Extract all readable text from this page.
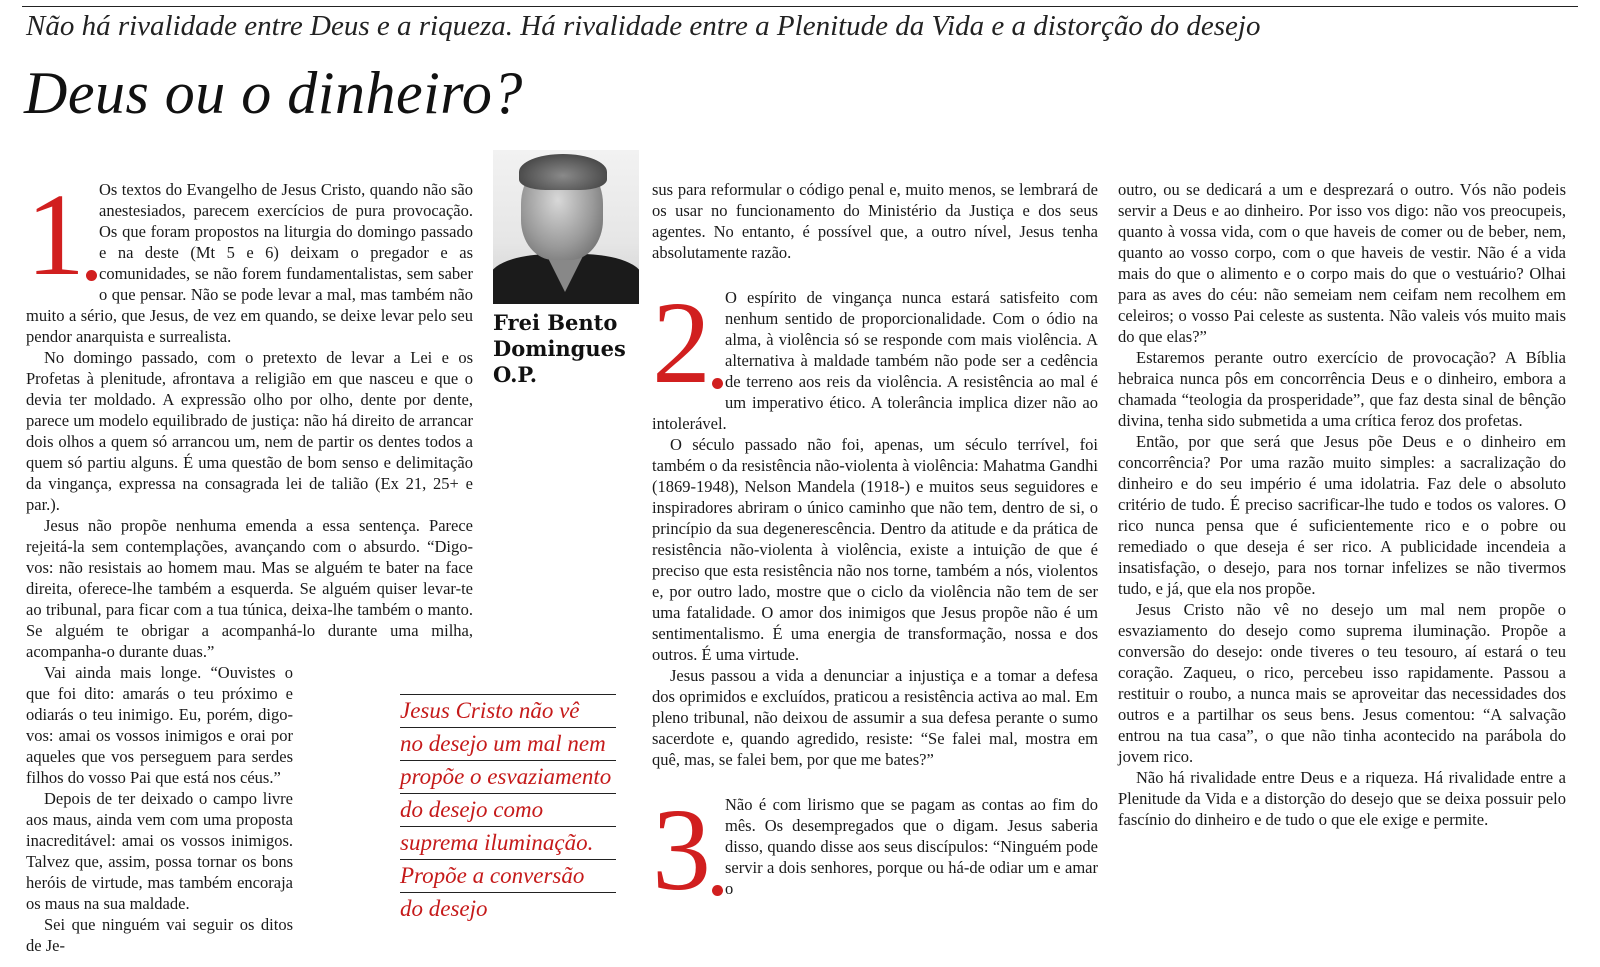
Não há rivalidade entre Deus e a riqueza. Há rivalidade entre a Plenitude da Vida e a distorção do desejo
Deus ou o dinheiro?
1 Os textos do Evangelho de Jesus Cristo, quando não são anestesiados, parecem exercícios de pura provocação. Os que foram propostos na liturgia do domingo passado e na deste (Mt 5 e 6) deixam o pregador e as comunidades, se não forem fundamentalistas, sem saber o que pensar. Não se pode levar a mal, mas também não muito a sério, que Jesus, de vez em quando, se deixe levar pelo seu pendor anarquista e surrealista.

No domingo passado, com o pretexto de levar a Lei e os Profetas à plenitude, afrontava a religião em que nasceu e que o devia ter moldado. A expressão olho por olho, dente por dente, parece um modelo equilibrado de justiça: não há direito de arrancar dois olhos a quem só arrancou um, nem de partir os dentes todos a quem só partiu alguns. É uma questão de bom senso e delimitação da vingança, expressa na consagrada lei de talião (Ex 21, 25+ e par.).

Jesus não propõe nenhuma emenda a essa sentença. Parece rejeitá-la sem contemplações, avançando com o absurdo. “Digo-vos: não resistais ao homem mau. Mas se alguém te bater na face direita, oferece-lhe também a esquerda. Se alguém quiser levar-te ao tribunal, para ficar com a tua túnica, deixa-lhe também o manto. Se alguém te obrigar a acompanhá-lo durante uma milha, acompanha-o durante duas.”

Vai ainda mais longe. “Ouvistes o que foi dito: amarás o teu próximo e odiarás o teu inimigo. Eu, porém, digo-vos: amai os vossos inimigos e orai por aqueles que vos perseguem para serdes filhos do vosso Pai que está nos céus.”

Depois de ter deixado o campo livre aos maus, ainda vem com uma proposta inacreditável: amai os vossos inimigos. Talvez que, assim, possa tornar os bons heróis de virtude, mas também encoraja os maus na sua maldade.

Sei que ninguém vai seguir os ditos de Je-

Frei Bento
Domingues
O.P.
Jesus Cristo não vê
no desejo um mal nem
propõe o esvaziamento
do desejo como
suprema iluminação.
Propõe a conversão
do desejo

sus para reformular o código penal e, muito menos, se lembrará de os usar no funcionamento do Ministério da Justiça e dos seus agentes. No entanto, é possível que, a outro nível, Jesus tenha absolutamente razão.

2 O espírito de vingança nunca estará satisfeito com nenhum sentido de proporcionalidade. Com o ódio na alma, à violência só se responde com mais violência. A alternativa à maldade também não pode ser a cedência de terreno aos reis da violência. A resistência ao mal é um imperativo ético. A tolerância implica dizer não ao intolerável.

O século passado não foi, apenas, um século terrível, foi também o da resistência não-violenta à violência: Mahatma Gandhi (1869-1948), Nelson Mandela (1918-) e muitos seus seguidores e inspiradores abriram o único caminho que não tem, dentro de si, o princípio da sua degenerescência. Dentro da atitude e da prática de resistência não-violenta à violência, existe a intuição de que é preciso que esta resistência não nos torne, também a nós, violentos e, por outro lado, mostre que o ciclo da violência não tem de ser uma fatalidade. O amor dos inimigos que Jesus propõe não é um sentimentalismo. É uma energia de transformação, nossa e dos outros. É uma virtude.

Jesus passou a vida a denunciar a injustiça e a tomar a defesa dos oprimidos e excluídos, praticou a resistência activa ao mal. Em pleno tribunal, não deixou de assumir a sua defesa perante o sumo sacerdote e, quando agredido, resiste: “Se falei mal, mostra em quê, mas, se falei bem, por que me bates?”

3 Não é com lirismo que se pagam as contas ao fim do mês. Os desempregados que o digam. Jesus saberia disso, quando disse aos seus discípulos: “Ninguém pode servir a dois senhores, porque ou há-de odiar um e amar o

outro, ou se dedicará a um e desprezará o outro. Vós não podeis servir a Deus e ao dinheiro. Por isso vos digo: não vos preocupeis, quanto à vossa vida, com o que haveis de comer ou de beber, nem, quanto ao vosso corpo, com o que haveis de vestir. Não é a vida mais do que o alimento e o corpo mais do que o vestuário? Olhai para as aves do céu: não semeiam nem ceifam nem recolhem em celeiros; o vosso Pai celeste as sustenta. Não valeis vós muito mais do que elas?”

Estaremos perante outro exercício de provocação? A Bíblia hebraica nunca pôs em concorrência Deus e o dinheiro, embora a chamada “teologia da prosperidade”, que faz desta sinal de bênção divina, tenha sido submetida a uma crítica feroz dos profetas.

Então, por que será que Jesus põe Deus e o dinheiro em concorrência? Por uma razão muito simples: a sacralização do dinheiro e do seu império é uma idolatria. Faz dele o absoluto critério de tudo. É preciso sacrificar-lhe tudo e todos os valores. O rico nunca pensa que é suficientemente rico e o pobre ou remediado o que deseja é ser rico. A publicidade incendeia a insatisfação, o desejo, para nos tornar infelizes se não tivermos tudo, e já, que ela nos propõe.

Jesus Cristo não vê no desejo um mal nem propõe o esvaziamento do desejo como suprema iluminação. Propõe a conversão do desejo: onde tiveres o teu tesouro, aí estará o teu coração. Zaqueu, o rico, percebeu isso rapidamente. Passou a restituir o roubo, a nunca mais se aproveitar das necessidades dos outros e a partilhar os seus bens. Jesus comentou: “A salvação entrou na tua casa”, o que não tinha acontecido na parábola do jovem rico.

Não há rivalidade entre Deus e a riqueza. Há rivalidade entre a Plenitude da Vida e a distorção do desejo que se deixa possuir pelo fascínio do dinheiro e de tudo o que ele exige e permite.
